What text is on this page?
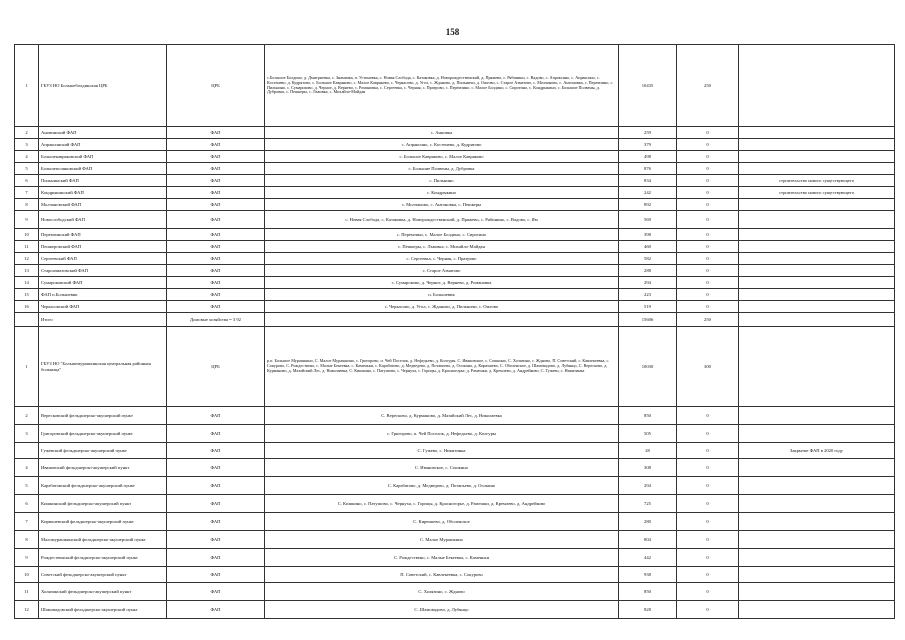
158
1	ГБУЗ НО Большеболдинская ЦРБ	ЦРБ	с.Большое Болдино, д. Дмитриевка, с. Знаменка, п. Устиновка, с. Новая Слобода, с. Казаковка, д. Новорождественский, д. Пряжево, с. Рябинино, с. Вадово, с. Апраксино, с. Апраксино, с. Костенево, д. Кудрятово, с. Большое Кавряково, с. Малое Кавряково, с. Черкасово, д. Угол, с. Жданово, д. Пильничи, д. Ожгово, с. Старое Азматово, с. Молчаново, с. Антоновка, с. Перемзино, с. Пильнино, с. Сумароково, д. Черное, д. Вернево, с. Романовка, с. Сергеевка, с. Черная, с. Пратрово, с. Перемзино, с. Малое Болдино, с. Сиротино, с. Кондрыкино, с. Большие Полвены, д. Дубровка, с. Пешкеры, с. Львовка, с. Михайло-Майдан	10435	250	
2	Ановинский ФАП	ФАП	с. Анновка	259	0	
3	Апраксинский ФАП	ФАП	с. Апраксино, с. Костенево, д. Кудрятово	379	0	
4	Большекавряковский ФАП	ФАП	с. Большое Кавряково, с. Малое Кавряково	498	0	
5	Большеполяновский ФАП	ФАП	с. Большие Полвены, д. Дубровка	876	0	
6	Пильнинский ФАП	ФАП	с. Пильнино	834	0	строительство нового существующего
7	Кондрыкинский ФАП	ФАП	с. Кондрыкино	242	0	строительство нового существующего
8	Молчановский ФАП	ФАП	с. Молчаново, с. Антоновка, с. Пешкеры	892	0	
9	Новослободский ФАП	ФАП	с. Новая Слобода, с. Казаковка, д. Новорождественский, д. Пряжево, с. Рябинино, с. Вадово, с. Ям	569	0	
10	Перемзинский ФАП	ФАП	с. Перемзино, с. Малое Болдино, с. Сиротино	398	0	
11	Пешкеровский ФАП	ФАП	с. Пешкеры, с. Львовка, с. Михайло-Майдан	460	0	
12	Сергеевский ФАП	ФАП	с. Сергеевка, с. Черная, с. Пратрово	582	0	
13	Староазматовский ФАП	ФАП	с. Старое Азматово	288	0	
14	Сумароковский ФАП	ФАП	с. Сумароково, д. Черное, д. Вернево, д. Романовка	294	0	
15	ФАП п.Большевик	ФАП	п. Большевик	223	0	
16	Черкасовский ФАП	ФАП	с. Черкасово, д. Угол, с. Жданово, д. Пильничи, с. Ожгово	519	0	
	Итого	Домовые хозяйства = 3 92		15606	250	
1	ГБУЗ НО "Большемурашкинская центральная районная больница"	ЦРБ	р.п. Большое Мурашкино, С. Малое Мурашкино, с. Григорово, п. Чей Поселок, д. Нефедьево, д. Колгуры, С. Ивановское, с. Сошкино, С. Холязино, с. Ждново, П. Советский, с. Кавлекеевка, с. Сокурово, С. Рождествено, с. Малые Бекеевка, с. Каменьки, с. Карабатово, д. Медведево, д. Потапьево, д. Осокино, д. Кирюшево, С. Оболенское, д. Шамовадово, д. Лубянцо, С. Вересково, д. Курманово, д. Мазайский Лес, д. Николаевка, С. Кишкино, с. Патушово, с. Чернуха, с. Горицы, д. Красногорье, д. Рамешки, д. Кремлево, д. Андрейково, С. Гужево, с. Никитинка	10030	300	
2	Вересковский фельдшерско-акушерский пункт	ФАП	С. Вересково, д. Курманово, д. Мазайский Лес, д. Николаевка	850	0	
3	Григоровский фельдшерско-акушерский пункт	ФАП	с. Григорово, п. Чей Поселок, д. Нефедьево, д. Колгуры	505	0	
	Гужевский фельдшерско-акушерский пункт	ФАП	С. Гужево, с. Никитинка	28	0	Закрытие ФАП в 2020 году
4	Ивановский фельдшерско-акушерский пункт	ФАП	С. Ивановское, с. Сошкино	308	0	
5	Карабатовский фельдшерско-акушерский пункт	ФАП	С. Карабатово, д. Медведево, д. Потапьево, д. Осокино	294	0	
6	Кишкинский фельдшерско-акушерский пункт	ФАП	С. Кишкино, с. Патушово, с. Чернуха, с. Горицы, д. Красногорье, д. Рамешки, д. Кремлево, д. Андрейково	725	0	
7	Кирюшевский фельдшерско-акушерский пункт	ФАП	С. Кирюшево, д. Оболенское	280	0	
8	Маломурашкинский фельдшерско-акушерский пункт	ФАП	С. Малое Мурашкино	804	0	
9	Рождественский фельдшерско-акушерский пункт	ФАП	С. Рождествено, с. Малые Бекеевка, с. Каменьки	442	0	
10	Советский фельдшерско-акушерский пункт	ФАП	П. Советский, с. Кавлекеевка, с. Сокурово	938	0	
11	Холязинский фельдшерско-акушерский пункт	ФАП	С. Холязино, с. Ждново	850	0	
12	Шамовадовский фельдшерско-акушерский пункт	ФАП	С. Шамовадово, д. Лубянцо	828	0	
